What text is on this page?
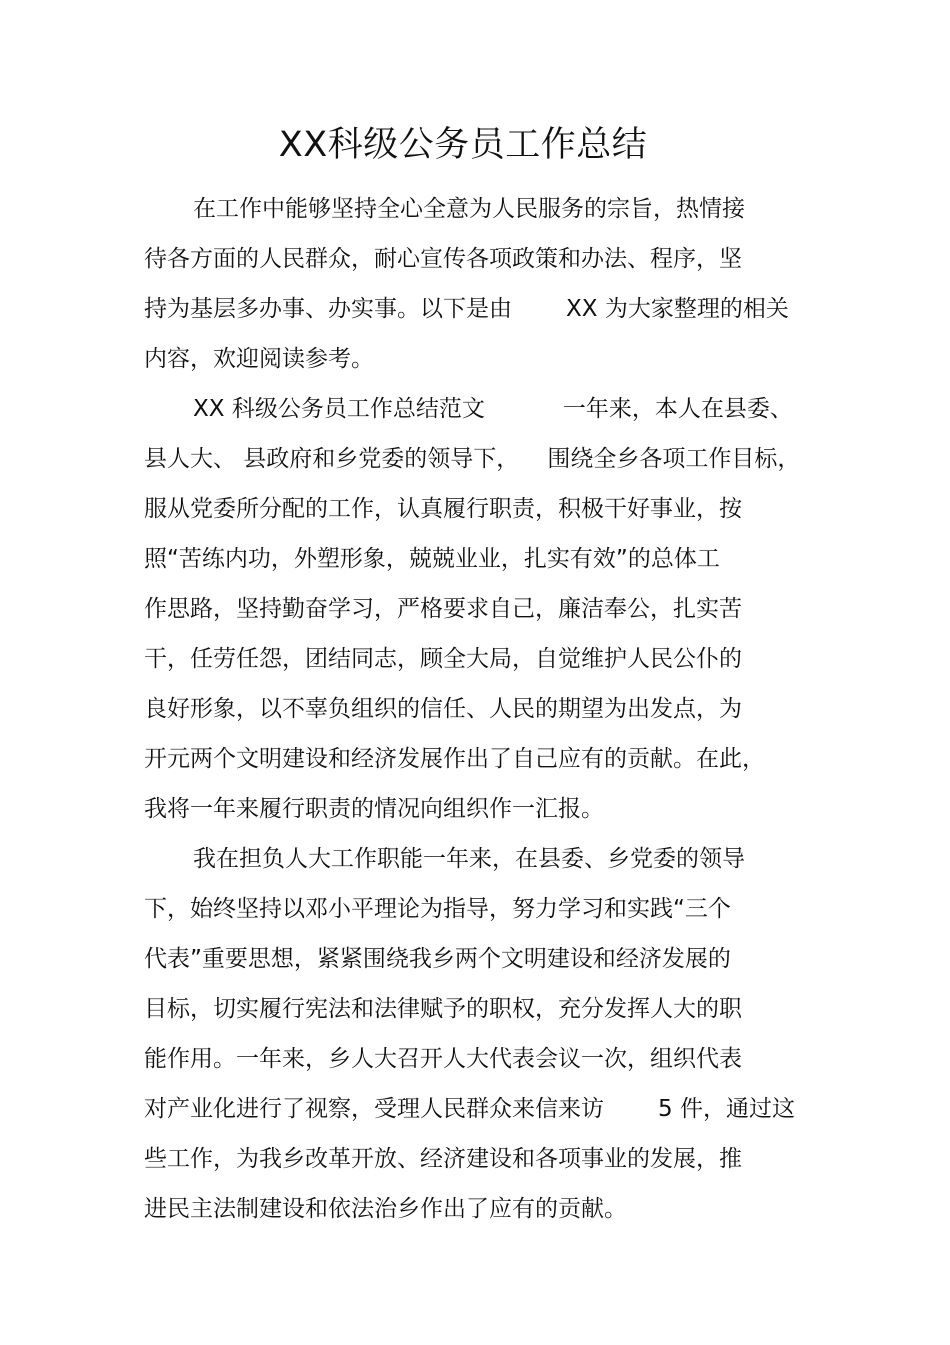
XX科级公务员工作总结

在工作中能够坚持全心全意为人民服务的宗旨，热情接

待各方面的人民群众，耐心宣传各项政策和办法、程序，坚

持为基层多办事、办实事。以下是由 XX 为大家整理的相关

内容，欢迎阅读参考。

XX 科级公务员工作总结范文	一年来，本人在县委、

县人大、 县政府和乡党委的领导下， 围绕全乡各项工作目标，

服从党委所分配的工作，认真履行职责，积极干好事业，按

照“苦练内功，外塑形象，兢兢业业，扎实有效”的总体工

作思路，坚持勤奋学习，严格要求自己，廉洁奉公，扎实苦

干，任劳任怨，团结同志，顾全大局，自觉维护人民公仆的

良好形象，以不辜负组织的信任、人民的期望为出发点，为

开元两个文明建设和经济发展作出了自己应有的贡献。在此，

我将一年来履行职责的情况向组织作一汇报。

我在担负人大工作职能一年来，在县委、乡党委的领导

下，始终坚持以邓小平理论为指导，努力学习和实践“三个

代表”重要思想，紧紧围绕我乡两个文明建设和经济发展的

目标，切实履行宪法和法律赋予的职权，充分发挥人大的职

能作用。一年来，乡人大召开人大代表会议一次，组织代表

对产业化进行了视察，受理人民群众来信来访 5 件，通过这

些工作，为我乡改革开放、经济建设和各项事业的发展，推

进民主法制建设和依法治乡作出了应有的贡献。
